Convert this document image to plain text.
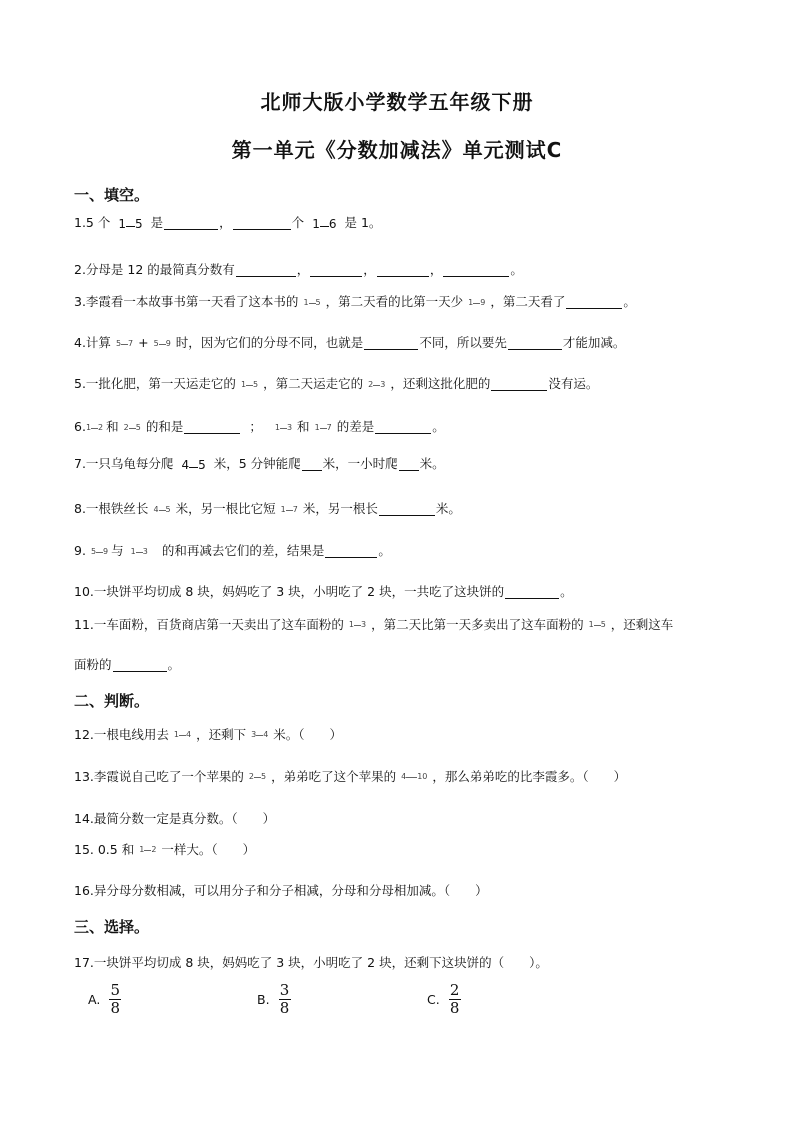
北师大版小学数学五年级下册
第一单元《分数加减法》单元测试C
一、填空。
1.5 个 1 5 是	，	个 1 6 是 1。
2.分母是 12 的最简真分数有	，	，	，	。
3.李霞看一本故事书第一天看了这本书的 1 5 ，第二天看的比第一天少 1 9 ，第二天看了	。
4.计算 5 7 + 5 9 时，因为它们的分母不同，也就是	不同，所以要先	才能加减。
5.一批化肥，第一天运走它的 1 5 ，第二天运走它的 2 3 ，还剩这批化肥的	没有运。
6. 1 2 和 2 5 的和是	； 1 3 和 1 7 的差是	。
7.一只乌龟每分爬 4 5 米，5 分钟能爬 米，一小时爬 米。
8.一根铁丝长 4 5 米，另一根比它短 1 7 米，另一根长	米。
9. 5 9 与 1 3 的和再减去它们的差，结果是	。
10.一块饼平均切成 8 块，妈妈吃了 3 块，小明吃了 2 块，一共吃了这块饼的	。
11.一车面粉，百货商店第一天卖出了这车面粉的 1 3 ，第二天比第一天多卖出了这车面粉的 1 5 ，还剩这车
面粉的	。
二、判断。
12.一根电线用去 1 4 ，还剩下 3 4 米。（　　）
13.李霞说自己吃了一个苹果的 2 5 ，弟弟吃了这个苹果的 4 10 ，那么弟弟吃的比李霞多。（　　）
14.最简分数一定是真分数。（　　）
15. 0.5 和 1 2 一样大。（　　）
16.异分母分数相减，可以用分子和分子相减，分母和分母相加减。（　　）
三、选择。
17.一块饼平均切成 8 块，妈妈吃了 3 块，小明吃了 2 块，还剩下这块饼的（　　）。
A. $\frac{5}{8}$	B. $\frac{3}{8}$	C. $\frac{2}{8}$
